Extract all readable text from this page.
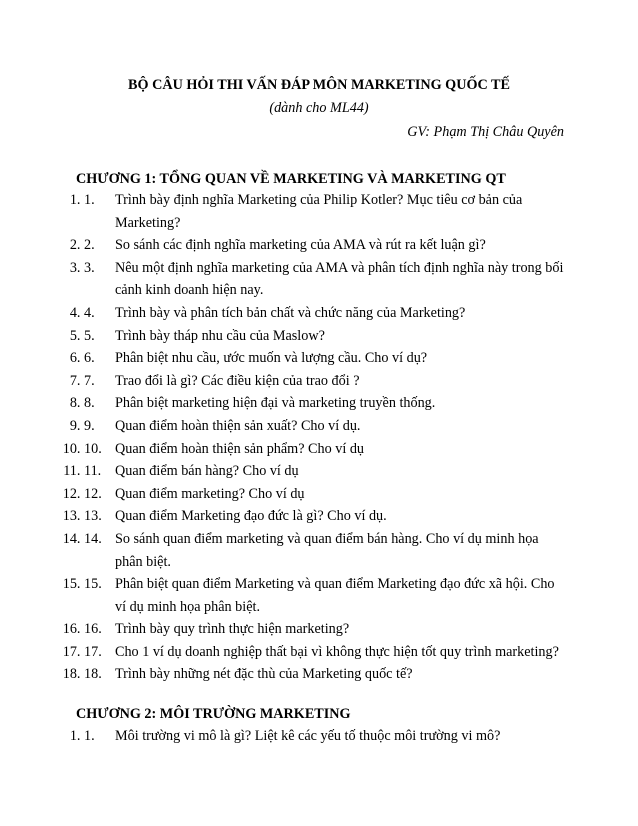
BỘ CÂU HỎI THI VẤN ĐÁP MÔN MARKETING QUỐC TẾ
(dành cho ML44)
GV: Phạm Thị Châu Quyên
CHƯƠNG 1: TỔNG QUAN VỀ MARKETING VÀ MARKETING QT
1. 1.	Trình bày định nghĩa Marketing của Philip Kotler? Mục tiêu cơ bản của Marketing?
2. 2.	So sánh các định nghĩa marketing của AMA và rút ra kết luận gì?
3. 3.	Nêu một định nghĩa marketing của AMA và phân tích định nghĩa này trong bối cảnh kinh doanh hiện nay.
4. 4.	Trình bày và phân tích bản chất và chức năng của Marketing?
5. 5.	Trình bày tháp nhu cầu của Maslow?
6. 6.	Phân biệt nhu cầu, ước muốn và lượng cầu. Cho ví dụ?
7. 7.	Trao đổi là gì? Các điều kiện của trao đổi ?
8. 8.	Phân biệt marketing hiện đại và marketing truyền thống.
9. 9.	Quan điểm hoàn thiện sản xuất? Cho ví dụ.
10. 10. Quan điểm hoàn thiện sản phẩm? Cho ví dụ
11. 11. Quan điểm bán hàng? Cho ví dụ
12. 12. Quan điểm marketing? Cho ví dụ
13. 13. Quan điểm Marketing đạo đức là gì? Cho ví dụ.
14. 14. So sánh quan điểm marketing và quan điểm bán hàng. Cho ví dụ minh họa phân biệt.
15. 15. Phân biệt quan điểm Marketing và quan điểm Marketing đạo đức xã hội. Cho ví dụ minh họa phân biệt.
16. 16. Trình bày quy trình thực hiện marketing?
17. 17. Cho 1 ví dụ doanh nghiệp thất bại vì không thực hiện tốt quy trình marketing?
18. 18. Trình bày những nét đặc thù của Marketing quốc tế?
CHƯƠNG 2: MÔI TRƯỜNG MARKETING
1. 1.	Môi trường vi mô là gì? Liệt kê các yếu tố thuộc môi trường vi mô?
